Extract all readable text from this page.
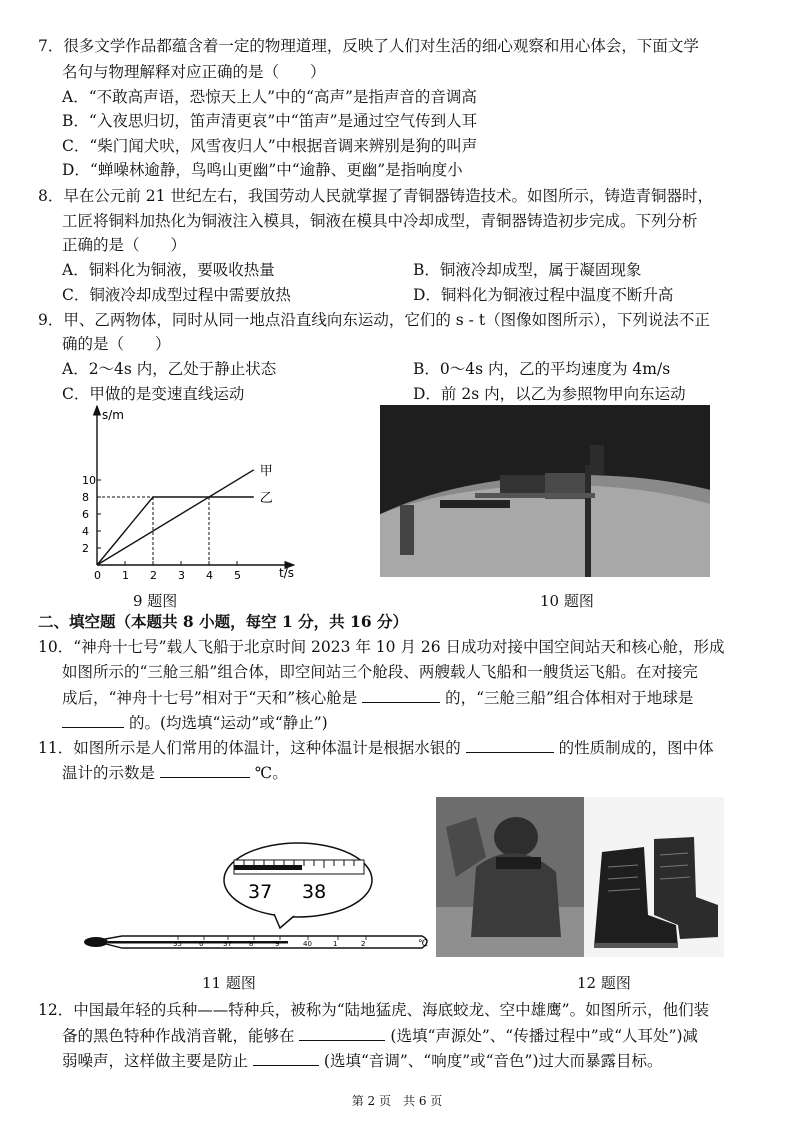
7．很多文学作品都蕴含着一定的物理道理，反映了人们对生活的细心观察和用心体会，下面文学
名句与物理解释对应正确的是（　　）
A．“不敢高声语，恐惊天上人”中的“高声”是指声音的音调高
B．“入夜思归切，笛声清更哀”中“笛声”是通过空气传到人耳
C．“柴门闻犬吠，风雪夜归人”中根据音调来辨别是狗的叫声
D．“蝉噪林逾静，鸟鸣山更幽”中“逾静、更幽”是指响度小
8．早在公元前 21 世纪左右，我国劳动人民就掌握了青铜器铸造技术。如图所示，铸造青铜器时，
工匠将铜料加热化为铜液注入模具，铜液在模具中冷却成型，青铜器铸造初步完成。下列分析
正确的是（　　）
A．铜料化为铜液，要吸收热量	B．铜液冷却成型，属于凝固现象
C．铜液冷却成型过程中需要放热	D．铜料化为铜液过程中温度不断升高
9．甲、乙两物体，同时从同一地点沿直线向东运动，它们的 s - t（图像如图所示），下列说法不正
确的是（　　）
A．2～4s 内，乙处于静止状态	B．0～4s 内，乙的平均速度为 4m/s
C．甲做的是变速直线运动	D．前 2s 内，以乙为参照物甲向东运动
s/m
t/s
0 1 2 3 4 5
2
4
6
8
10
甲
乙
9 题图	10 题图
二、填空题（本题共 8 小题，每空 1 分，共 16 分）
10．“神舟十七号”载人飞船于北京时间 2023 年 10 月 26 日成功对接中国空间站天和核心舱，形成
如图所示的“三舱三船”组合体，即空间站三个舱段、两艘载人飞船和一艘货运飞船。在对接完
成后，“神舟十七号”相对于“天和”核心舱是	的，“三舱三船”组合体相对于地球是
的。(均选填“运动”或“静止”)
11．如图所示是人们常用的体温计，这种体温计是根据水银的	的性质制成的，图中体
温计的示数是	℃。
37 38
35 6	37 8	9	40	1	2	℃
11 题图	12 题图
12．中国最年轻的兵种——特种兵，被称为“陆地猛虎、海底蛟龙、空中雄鹰”。如图所示，他们装
备的黑色特种作战消音靴，能够在	(选填“声源处”、“传播过程中”或“人耳处”)减
弱噪声，这样做主要是防止	(选填“音调”、“响度”或“音色”)过大而暴露目标。
第 2 页　共 6 页
